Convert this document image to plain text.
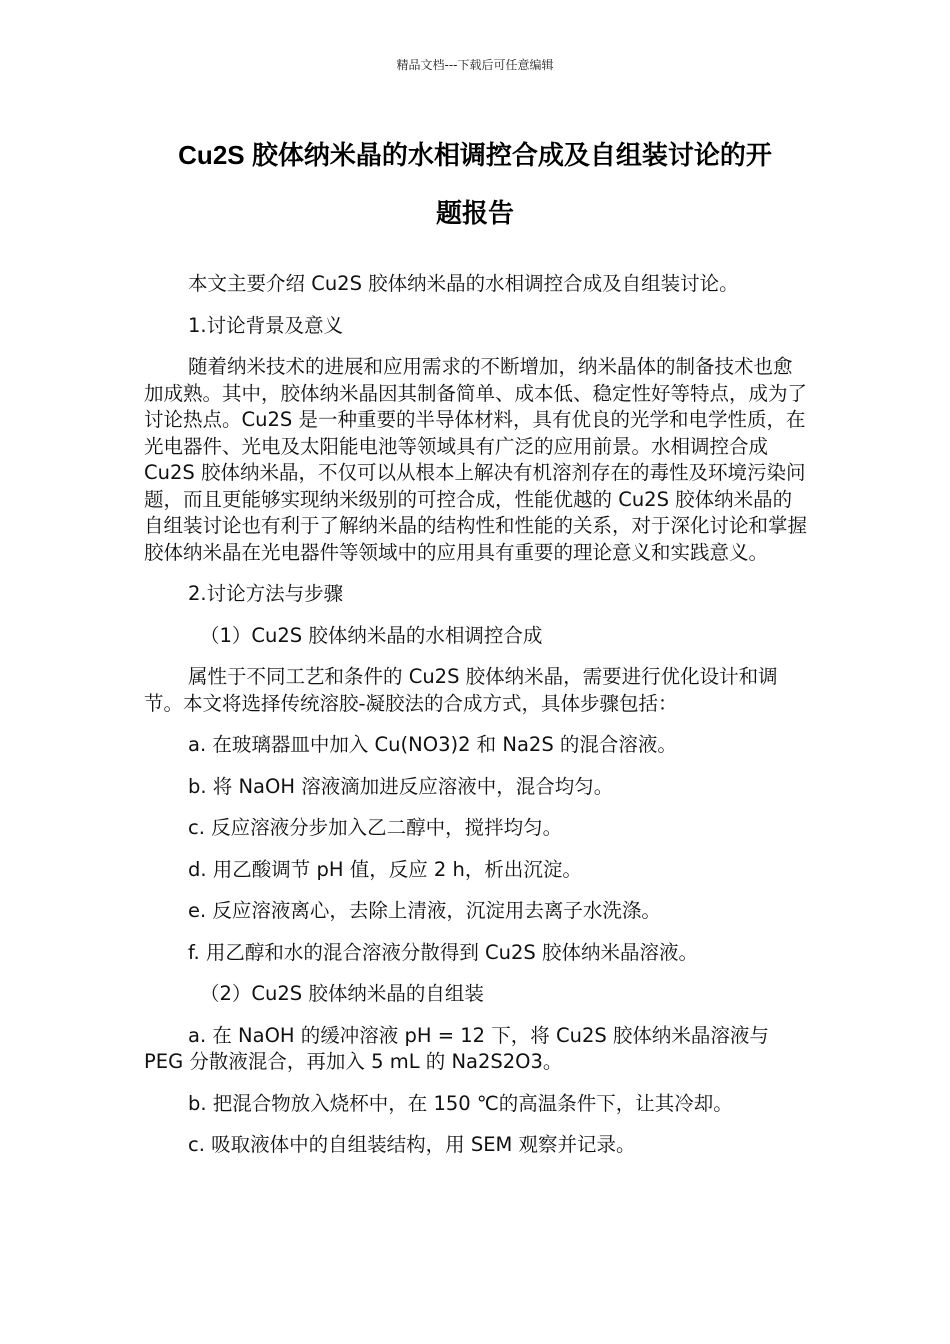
精品文档---下载后可任意编辑
Cu2S 胶体纳米晶的水相调控合成及自组装讨论的开
题报告

本文主要介绍 Cu2S 胶体纳米晶的水相调控合成及自组装讨论。

1.讨论背景及意义

随着纳米技术的进展和应用需求的不断增加，纳米晶体的制备技术也愈加成熟。其中，胶体纳米晶因其制备简单、成本低、稳定性好等特点，成为了讨论热点。Cu2S 是一种重要的半导体材料，具有优良的光学和电学性质，在光电器件、光电及太阳能电池等领域具有广泛的应用前景。水相调控合成 Cu2S 胶体纳米晶，不仅可以从根本上解决有机溶剂存在的毒性及环境污染问题，而且更能够实现纳米级别的可控合成，性能优越的 Cu2S 胶体纳米晶的自组装讨论也有利于了解纳米晶的结构性和性能的关系，对于深化讨论和掌握胶体纳米晶在光电器件等领域中的应用具有重要的理论意义和实践意义。

2.讨论方法与步骤

（1）Cu2S 胶体纳米晶的水相调控合成

属性于不同工艺和条件的 Cu2S 胶体纳米晶，需要进行优化设计和调节。本文将选择传统溶胶-凝胶法的合成方式，具体步骤包括：

a. 在玻璃器皿中加入 Cu(NO3)2 和 Na2S 的混合溶液。

b. 将 NaOH 溶液滴加进反应溶液中，混合均匀。

c. 反应溶液分步加入乙二醇中，搅拌均匀。

d. 用乙酸调节 pH 值，反应 2 h，析出沉淀。

e. 反应溶液离心，去除上清液，沉淀用去离子水洗涤。

f. 用乙醇和水的混合溶液分散得到 Cu2S 胶体纳米晶溶液。

（2）Cu2S 胶体纳米晶的自组装

a. 在 NaOH 的缓冲溶液 pH = 12 下，将 Cu2S 胶体纳米晶溶液与 PEG 分散液混合，再加入 5 mL 的 Na2S2O3。

b. 把混合物放入烧杯中，在 150 ℃的高温条件下，让其冷却。

c. 吸取液体中的自组装结构，用 SEM 观察并记录。
